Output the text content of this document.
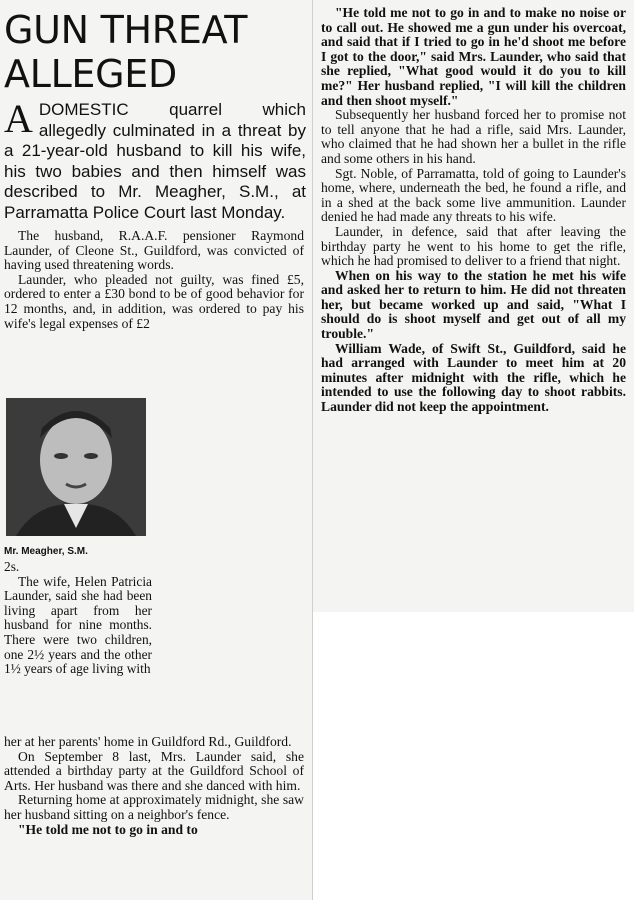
GUN THREAT ALLEGED
A DOMESTIC quarrel which allegedly culminated in a threat by a 21-year-old husband to kill his wife, his two babies and then himself was described to Mr. Meagher, S.M., at Parramatta Police Court last Monday.

The husband, R.A.A.F. pensioner Raymond Launder, of Cleone St., Guildford, was convicted of having used threatening words.

Launder, who pleaded not guilty, was fined £5, ordered to enter a £30 bond to be of good behavior for 12 months, and, in addition, was ordered to pay his wife's legal expenses of £2

Mr. Meagher, S.M.

2s.

The wife, Helen Patricia Launder, said she had been living apart from her husband for nine months. There were two children, one 2½ years and the other 1½ years of age living with

her at her parents' home in Guildford Rd., Guildford.

On September 8 last, Mrs. Launder said, she attended a birthday party at the Guildford School of Arts. Her husband was there and she danced with him.

Returning home at approximately midnight, she saw her husband sitting on a neighbor's fence.

"He told me not to go in and to

"He told me not to go in and to make no noise or to call out. He showed me a gun under his overcoat, and said that if I tried to go in he'd shoot me before I got to the door," said Mrs. Launder, who said that she replied, "What good would it do you to kill me?" Her husband replied, "I will kill the children and then shoot myself."

Subsequently her husband forced her to promise not to tell anyone that he had a rifle, said Mrs. Launder, who claimed that he had shown her a bullet in the rifle and some others in his hand.

Sgt. Noble, of Parramatta, told of going to Launder's home, where, underneath the bed, he found a rifle, and in a shed at the back some live ammunition. Launder denied he had made any threats to his wife.

Launder, in defence, said that after leaving the birthday party he went to his home to get the rifle, which he had promised to deliver to a friend that night.

When on his way to the station he met his wife and asked her to return to him. He did not threaten her, but became worked up and said, "What I should do is shoot myself and get out of all my trouble."

William Wade, of Swift St., Guildford, said he had arranged with Launder to meet him at 20 minutes after midnight with the rifle, which he intended to use the following day to shoot rabbits. Launder did not keep the appointment.
